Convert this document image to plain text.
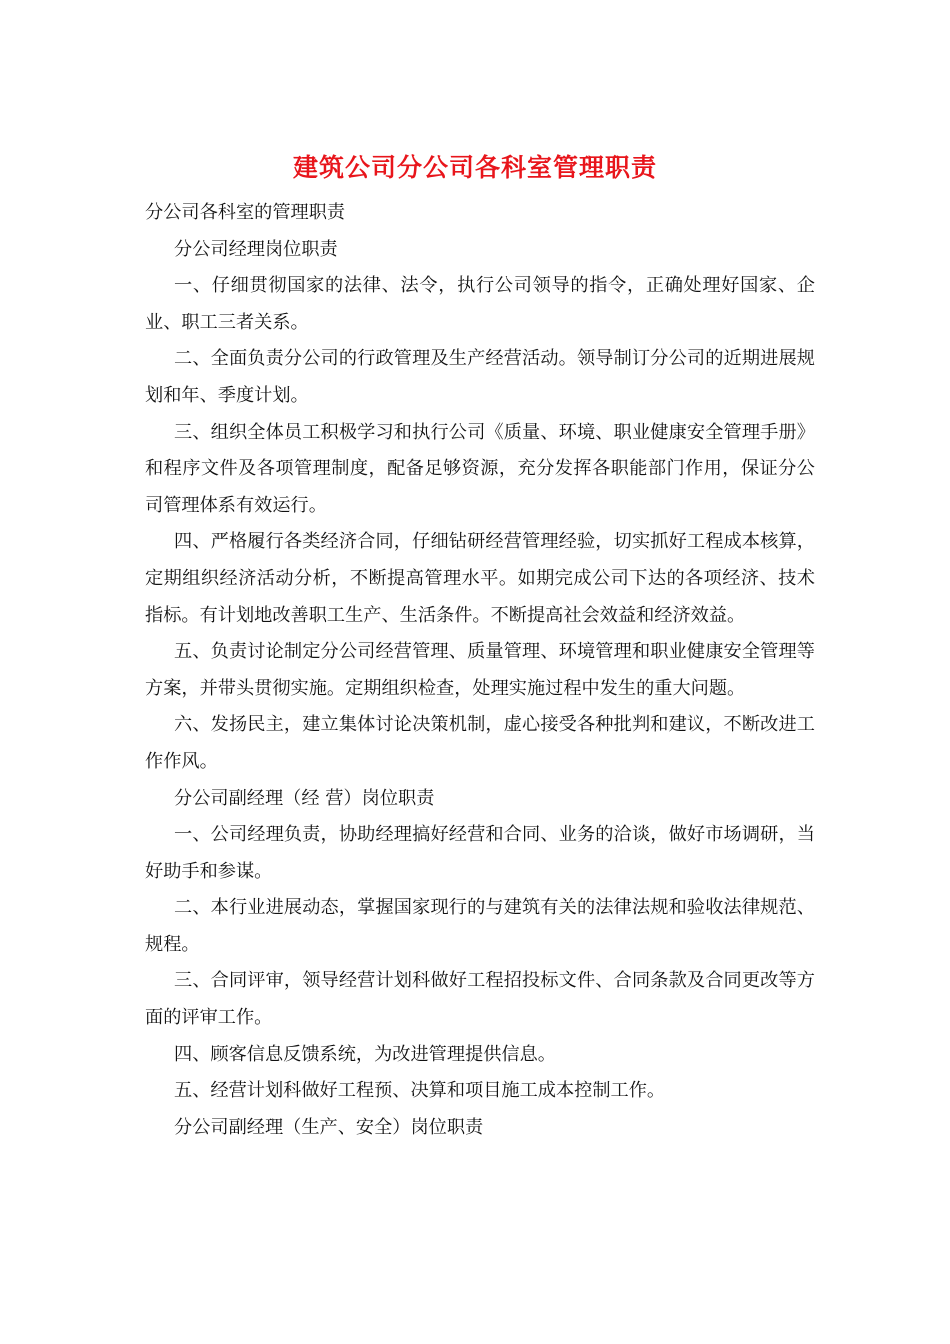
建筑公司分公司各科室管理职责

分公司各科室的管理职责

分公司经理岗位职责

一、仔细贯彻国家的法律、法令，执行公司领导的指令，正确处理好国家、企业、职工三者关系。

二、全面负责分公司的行政管理及生产经营活动。领导制订分公司的近期进展规划和年、季度计划。

三、组织全体员工积极学习和执行公司《质量、环境、职业健康安全管理手册》和程序文件及各项管理制度，配备足够资源，充分发挥各职能部门作用，保证分公司管理体系有效运行。

四、严格履行各类经济合同，仔细钻研经营管理经验，切实抓好工程成本核算，定期组织经济活动分析，不断提高管理水平。如期完成公司下达的各项经济、技术指标。有计划地改善职工生产、生活条件。不断提高社会效益和经济效益。

五、负责讨论制定分公司经营管理、质量管理、环境管理和职业健康安全管理等方案，并带头贯彻实施。定期组织检查，处理实施过程中发生的重大问题。

六、发扬民主，建立集体讨论决策机制，虚心接受各种批判和建议，不断改进工作作风。

分公司副经理（经 营）岗位职责

一、公司经理负责，协助经理搞好经营和合同、业务的洽谈，做好市场调研，当好助手和参谋。

二、本行业进展动态，掌握国家现行的与建筑有关的法律法规和验收法律规范、规程。

三、合同评审，领导经营计划科做好工程招投标文件、合同条款及合同更改等方面的评审工作。

四、顾客信息反馈系统，为改进管理提供信息。

五、经营计划科做好工程预、决算和项目施工成本控制工作。

分公司副经理（生产、安全）岗位职责
